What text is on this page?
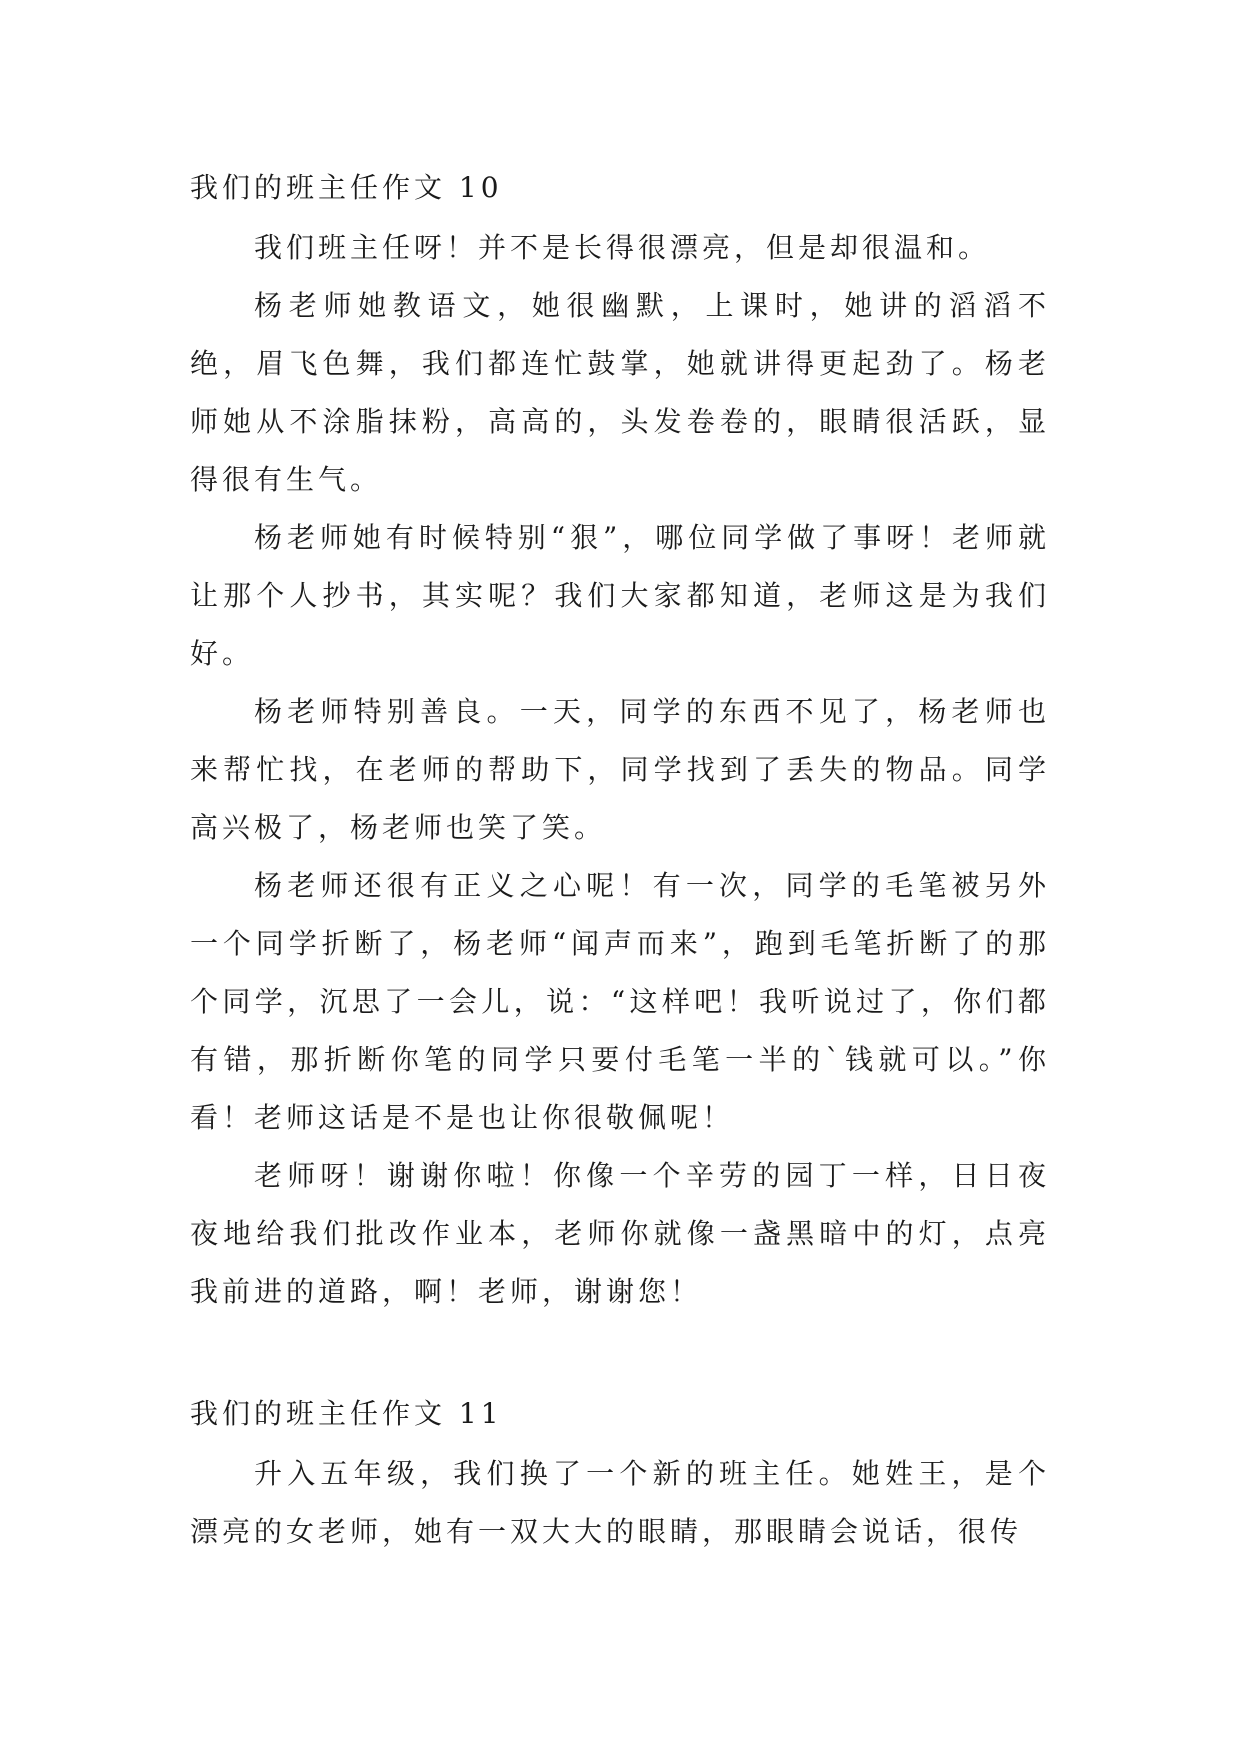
我们的班主任作文 10

我们班主任呀！并不是长得很漂亮，但是却很温和。

杨老师她教语文，她很幽默，上课时，她讲的滔滔不绝，眉飞色舞，我们都连忙鼓掌，她就讲得更起劲了。杨老师她从不涂脂抹粉，高高的，头发卷卷的，眼睛很活跃，显得很有生气。

杨老师她有时候特别“狠”，哪位同学做了事呀！老师就让那个人抄书，其实呢？我们大家都知道，老师这是为我们好。

杨老师特别善良。一天，同学的东西不见了，杨老师也来帮忙找，在老师的帮助下，同学找到了丢失的物品。同学高兴极了，杨老师也笑了笑。

杨老师还很有正义之心呢！有一次，同学的毛笔被另外一个同学折断了，杨老师“闻声而来”，跑到毛笔折断了的那个同学，沉思了一会儿，说：“这样吧！我听说过了，你们都有错，那折断你笔的同学只要付毛笔一半的`钱就可以。”你看！老师这话是不是也让你很敬佩呢！

老师呀！谢谢你啦！你像一个辛劳的园丁一样，日日夜夜地给我们批改作业本，老师你就像一盏黑暗中的灯，点亮我前进的道路，啊！老师，谢谢您！

我们的班主任作文 11

升入五年级，我们换了一个新的班主任。她姓王，是个漂亮的女老师，她有一双大大的眼睛，那眼睛会说话，很传
